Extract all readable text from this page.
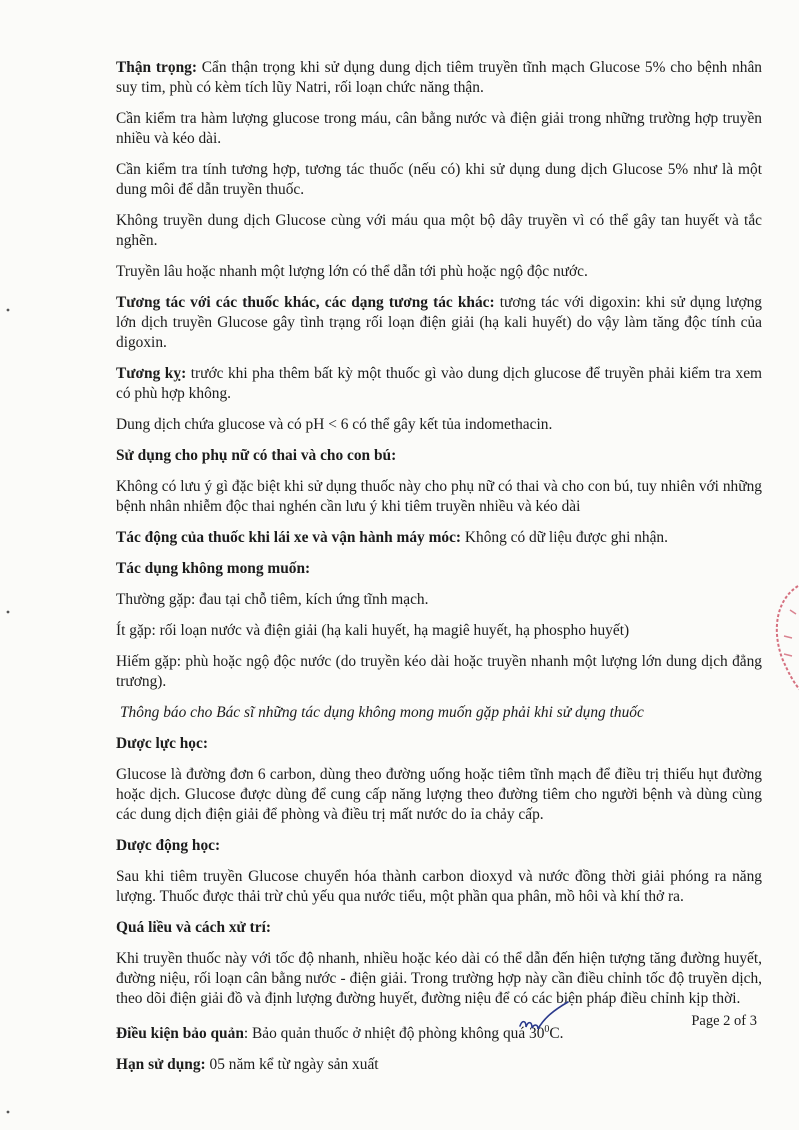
Thận trọng: Cẩn thận trọng khi sử dụng dung dịch tiêm truyền tĩnh mạch Glucose 5% cho bệnh nhân suy tim, phù có kèm tích lũy Natri, rối loạn chức năng thận.

Cần kiểm tra hàm lượng glucose trong máu, cân bằng nước và điện giải trong những trường hợp truyền nhiều và kéo dài.

Cần kiểm tra tính tương hợp, tương tác thuốc (nếu có) khi sử dụng dung dịch Glucose 5% như là một dung môi để dẫn truyền thuốc.

Không truyền dung dịch Glucose cùng với máu qua một bộ dây truyền vì có thể gây tan huyết và tắc nghẽn.

Truyền lâu hoặc nhanh một lượng lớn có thể dẫn tới phù hoặc ngộ độc nước.

Tương tác với các thuốc khác, các dạng tương tác khác: tương tác với digoxin: khi sử dụng lượng lớn dịch truyền Glucose gây tình trạng rối loạn điện giải (hạ kali huyết) do vậy làm tăng độc tính của digoxin.

Tương kỵ: trước khi pha thêm bất kỳ một thuốc gì vào dung dịch glucose để truyền phải kiểm tra xem có phù hợp không.

Dung dịch chứa glucose và có pH < 6 có thể gây kết tủa indomethacin.

Sử dụng cho phụ nữ có thai và cho con bú:

Không có lưu ý gì đặc biệt khi sử dụng thuốc này cho phụ nữ có thai và cho con bú, tuy nhiên với những bệnh nhân nhiễm độc thai nghén cần lưu ý khi tiêm truyền nhiều và kéo dài

Tác động của thuốc khi lái xe và vận hành máy móc: Không có dữ liệu được ghi nhận.

Tác dụng không mong muốn:

Thường gặp: đau tại chỗ tiêm, kích ứng tĩnh mạch.

Ít gặp: rối loạn nước và điện giải (hạ kali huyết, hạ magiê huyết, hạ phospho huyết)

Hiếm gặp: phù hoặc ngộ độc nước (do truyền kéo dài hoặc truyền nhanh một lượng lớn dung dịch đẳng trương).

Thông báo cho Bác sĩ những tác dụng không mong muốn gặp phải khi sử dụng thuốc

Dược lực học:

Glucose là đường đơn 6 carbon, dùng theo đường uống hoặc tiêm tĩnh mạch để điều trị thiếu hụt đường hoặc dịch. Glucose được dùng để cung cấp năng lượng theo đường tiêm cho người bệnh và dùng cùng các dung dịch điện giải để phòng và điều trị mất nước do ỉa chảy cấp.

Dược động học:

Sau khi tiêm truyền Glucose chuyển hóa thành carbon dioxyd và nước đồng thời giải phóng ra năng lượng. Thuốc được thải trừ chủ yếu qua nước tiểu, một phần qua phân, mồ hôi và khí thở ra.

Quá liều và cách xử trí:

Khi truyền thuốc này với tốc độ nhanh, nhiều hoặc kéo dài có thể dẫn đến hiện tượng tăng đường huyết, đường niệu, rối loạn cân bằng nước - điện giải. Trong trường hợp này cần điều chỉnh tốc độ truyền dịch, theo dõi điện giải đồ và định lượng đường huyết, đường niệu để có các biện pháp điều chỉnh kịp thời.

Điều kiện bảo quản: Bảo quản thuốc ở nhiệt độ phòng không quá $30^0C$.

Hạn sử dụng: 05 năm kể từ ngày sản xuất

Page 2 of 3
